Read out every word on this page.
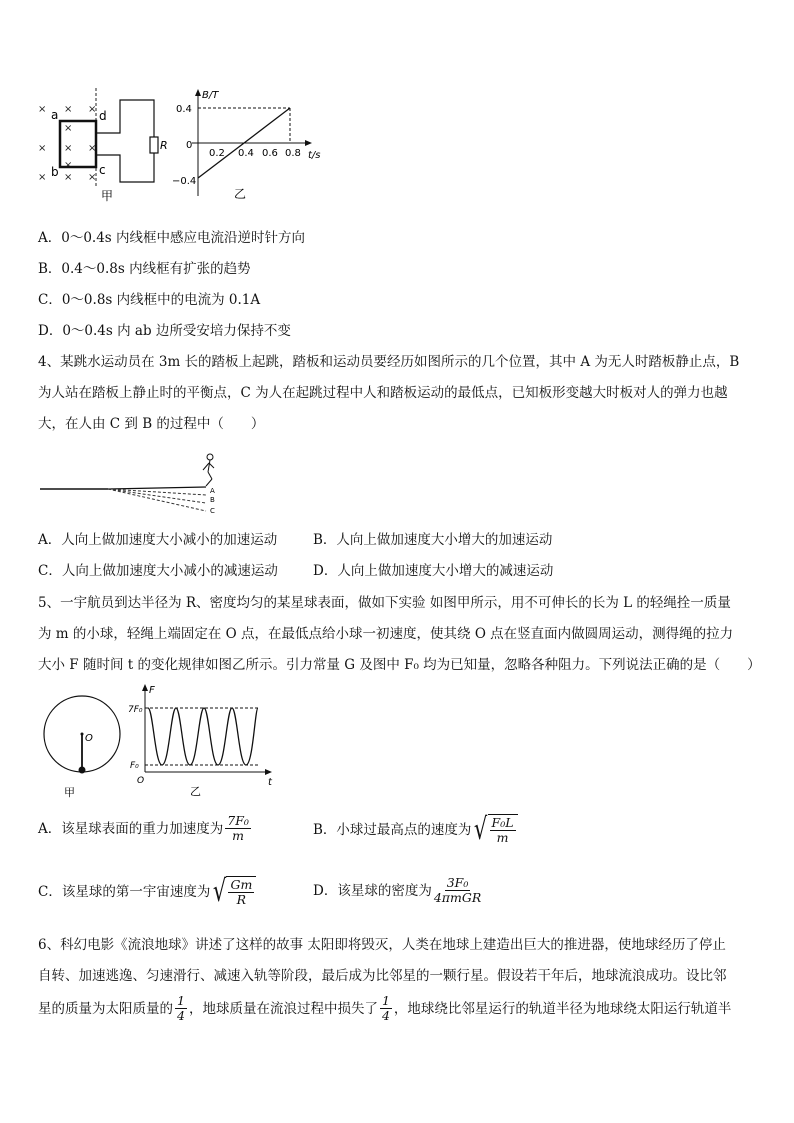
× × ×
×
× × ×
×
× × ×
a
b
d
c
R
甲
B/T
t/s
0.4
0
−0.4
0.2 0.4 0.6 0.8
乙
A．0～0.4s 内线框中感应电流沿逆时针方向
B．0.4～0.8s 内线框有扩张的趋势
C．0～0.8s 内线框中的电流为 0.1A
D．0～0.4s 内 ab 边所受安培力保持不变
4、某跳水运动员在 3m 长的踏板上起跳，踏板和运动员要经历如图所示的几个位置，其中 A 为无人时踏板静止点，B
为人站在踏板上静止时的平衡点，C 为人在起跳过程中人和踏板运动的最低点，已知板形变越大时板对人的弹力也越
大，在人由 C 到 B 的过程中（　　）
A
B
C
A．人向上做加速度大小减小的加速运动	B．人向上做加速度大小增大的加速运动
C．人向上做加速度大小减小的减速运动	D．人向上做加速度大小增大的减速运动
5、一宇航员到达半径为 R、密度均匀的某星球表面，做如下实验 如图甲所示，用不可伸长的长为 L 的轻绳拴一质量
为 m 的小球，轻绳上端固定在 O 点，在最低点给小球一初速度，使其绕 O 点在竖直面内做圆周运动，测得绳的拉力
大小 F 随时间 t 的变化规律如图乙所示。引力常量 G 及图中 F₀ 均为已知量，忽略各种阻力。下列说法正确的是（　　）
O
甲
F
t
7F₀
F₀
O
乙
A． 该星球表面的重力加速度为 $\frac{\text{7F₀}}{m}$	B． 小球过最高点的速度为 √ $\frac{\text{F₀L}}{m}$
C． 该星球的第一宇宙速度为 √ $\frac{Gm}{R}$	D． 该星球的密度为 $\frac{\text{3F₀}}{\text{4πmGR}}$
6、科幻电影《流浪地球》讲述了这样的故事 太阳即将毁灭，人类在地球上建造出巨大的推进器，使地球经历了停止
自转、加速逃逸、匀速滑行、减速入轨等阶段，最后成为比邻星的一颗行星。假设若干年后，地球流浪成功。设比邻
星的质量为太阳质量的 $\frac{1}{4}$ ，地球质量在流浪过程中损失了 $\frac{1}{4}$ ，地球绕比邻星运行的轨道半径为地球绕太阳运行轨道半
